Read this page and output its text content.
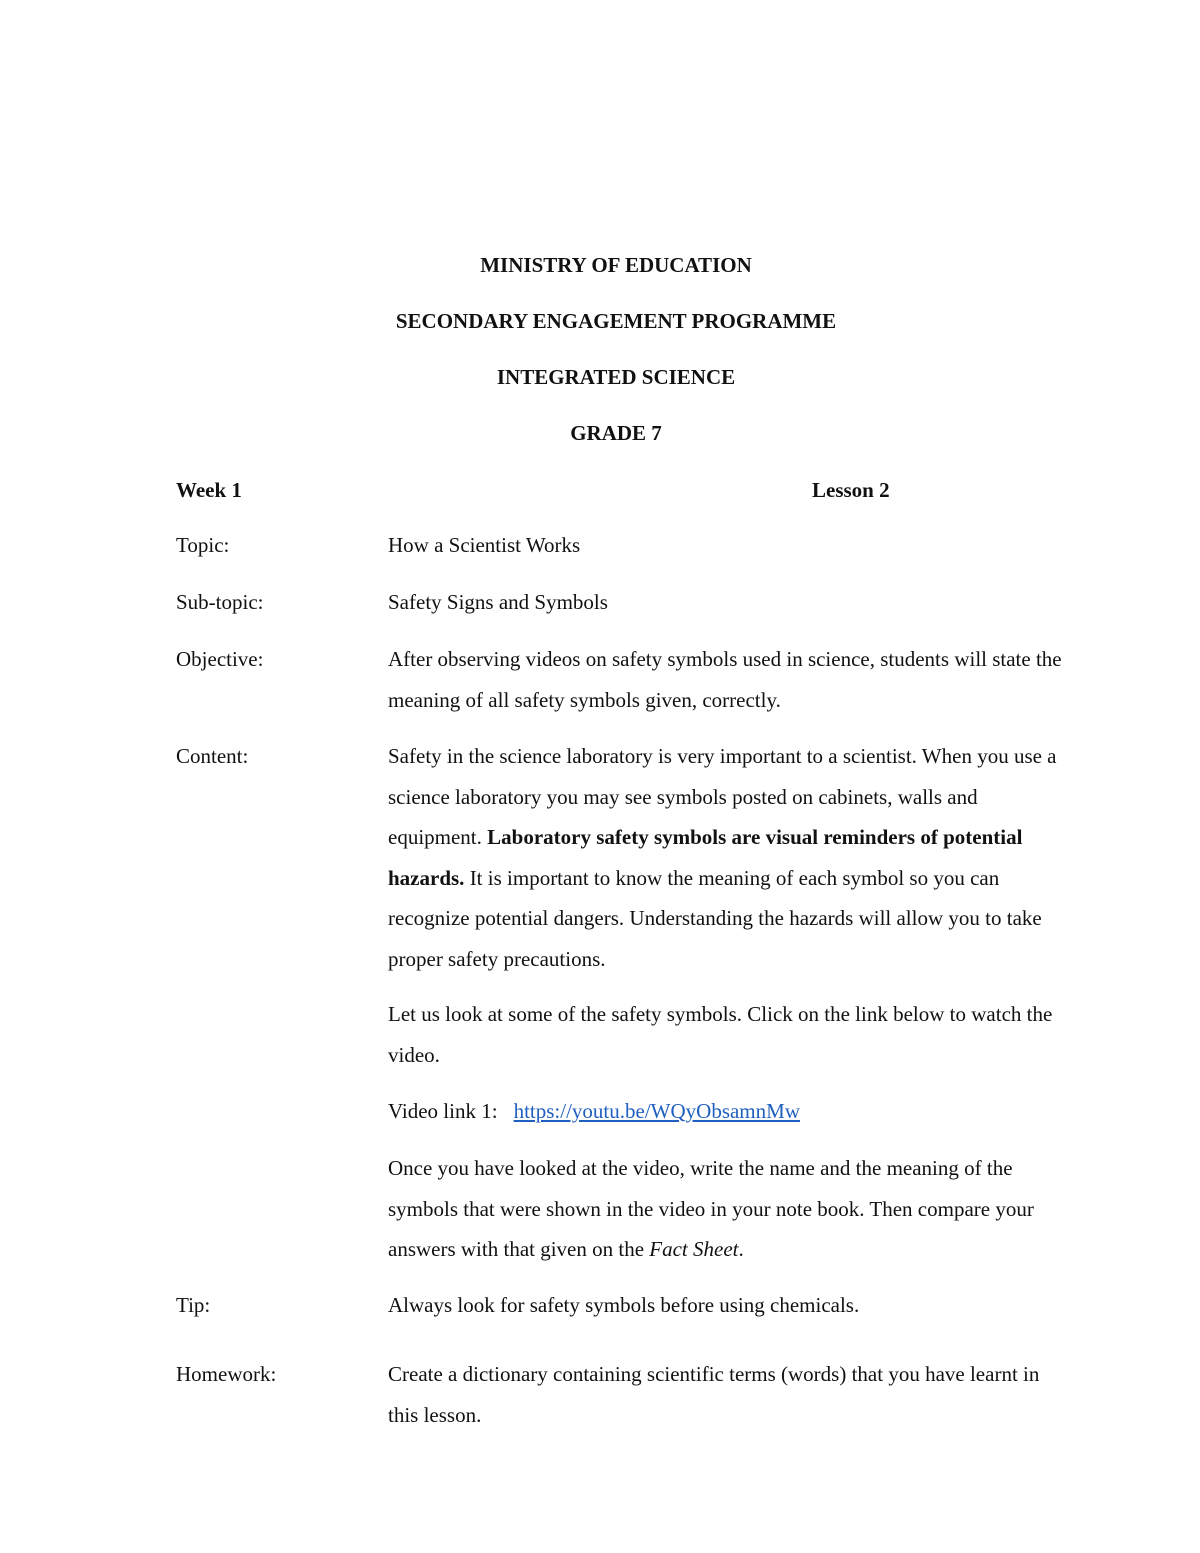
MINISTRY OF EDUCATION
SECONDARY ENGAGEMENT PROGRAMME
INTEGRATED SCIENCE
GRADE 7
Week 1	Lesson 2
Topic:	How a Scientist Works
Sub-topic:	Safety Signs and Symbols
Objective:	After observing videos on safety symbols used in science, students will state the meaning of all safety symbols given, correctly.
Content:	Safety in the science laboratory is very important to a scientist. When you use a science laboratory you may see symbols posted on cabinets, walls and equipment. Laboratory safety symbols are visual reminders of potential hazards. It is important to know the meaning of each symbol so you can recognize potential dangers. Understanding the hazards will allow you to take proper safety precautions.
Let us look at some of the safety symbols. Click on the link below to watch the video.
Video link 1: https://youtu.be/WQyObsamnMw
Once you have looked at the video, write the name and the meaning of the symbols that were shown in the video in your note book. Then compare your answers with that given on the Fact Sheet.
Tip:	Always look for safety symbols before using chemicals.
Homework:	Create a dictionary containing scientific terms (words) that you have learnt in this lesson.
